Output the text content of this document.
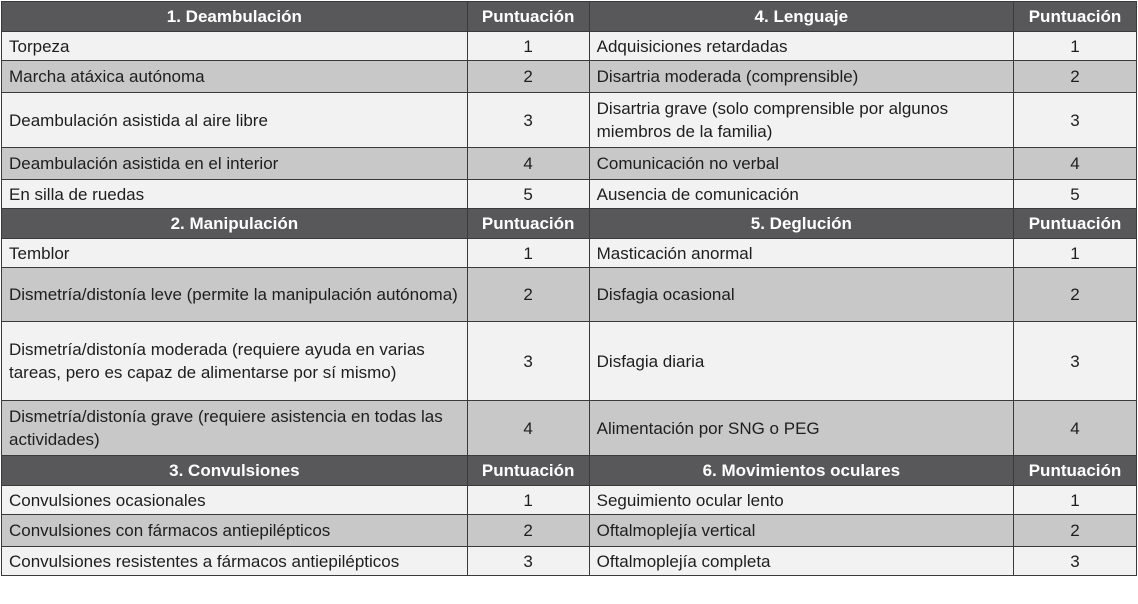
1. Deambulación	Puntuación	4. Lenguaje	Puntuación
Torpeza	1	Adquisiciones retardadas	1
Marcha atáxica autónoma	2	Disartria moderada (comprensible)	2
Deambulación asistida al aire libre	3	Disartria grave (solo comprensible por algunos miembros de la familia)	3
Deambulación asistida en el interior	4	Comunicación no verbal	4
En silla de ruedas	5	Ausencia de comunicación	5
2. Manipulación	Puntuación	5. Deglución	Puntuación
Temblor	1	Masticación anormal	1
Dismetría/distonía leve (permite la manipulación autónoma)	2	Disfagia ocasional	2
Dismetría/distonía moderada (requiere ayuda en varias tareas, pero es capaz de alimentarse por sí mismo)	3	Disfagia diaria	3
Dismetría/distonía grave (requiere asistencia en todas las actividades)	4	Alimentación por SNG o PEG	4
3. Convulsiones	Puntuación	6. Movimientos oculares	Puntuación
Convulsiones ocasionales	1	Seguimiento ocular lento	1
Convulsiones con fármacos antiepilépticos	2	Oftalmoplejía vertical	2
Convulsiones resistentes a fármacos antiepilépticos	3	Oftalmoplejía completa	3
